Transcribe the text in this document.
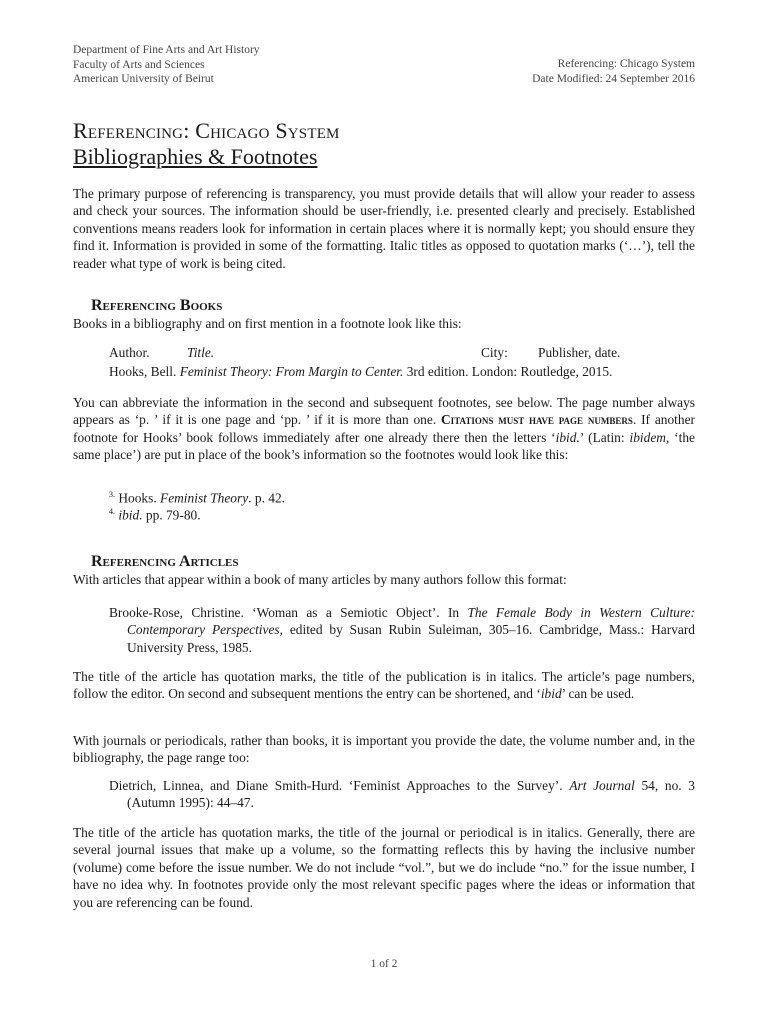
Department of Fine Arts and Art History
Faculty of Arts and Sciences
American University of Beirut
Referencing: Chicago System
Date Modified: 24 September 2016
Referencing: Chicago System
Bibliographies & Footnotes
The primary purpose of referencing is transparency, you must provide details that will allow your reader to assess and check your sources. The information should be user-friendly, i.e. presented clearly and precisely. Established conventions means readers look for information in certain places where it is normally kept; you should ensure they find it. Information is provided in some of the formatting. Italic titles as opposed to quotation marks (‘…’), tell the reader what type of work is being cited.
Referencing Books
Books in a bibliography and on first mention in a footnote look like this:
Author.	Title.	City: Publisher, date.
Hooks, Bell. Feminist Theory: From Margin to Center. 3rd edition. London: Routledge, 2015.
You can abbreviate the information in the second and subsequent footnotes, see below. The page number always appears as ‘p. ’ if it is one page and ‘pp. ’ if it is more than one. Citations must have page numbers. If another footnote for Hooks’ book follows immediately after one already there then the letters ‘ibid.’ (Latin: ibidem, ‘the same place’) are put in place of the book’s information so the footnotes would look like this:
$^{3.}$ Hooks. Feminist Theory. p. 42.
$^{4.}$ ibid. pp. 79-80.
Referencing Articles
With articles that appear within a book of many articles by many authors follow this format:
Brooke-Rose, Christine. ‘Woman as a Semiotic Object’. In The Female Body in Western Culture: Contemporary Perspectives, edited by Susan Rubin Suleiman, 305–16. Cambridge, Mass.: Harvard University Press, 1985.
The title of the article has quotation marks, the title of the publication is in italics. The article’s page numbers, follow the editor. On second and subsequent mentions the entry can be shortened, and ‘ibid’ can be used.
With journals or periodicals, rather than books, it is important you provide the date, the volume number and, in the bibliography, the page range too:
Dietrich, Linnea, and Diane Smith-Hurd. ‘Feminist Approaches to the Survey’. Art Journal 54, no. 3 (Autumn 1995): 44–47.
The title of the article has quotation marks, the title of the journal or periodical is in italics. Generally, there are several journal issues that make up a volume, so the formatting reflects this by having the inclusive number (volume) come before the issue number. We do not include “vol.”, but we do include “no.” for the issue number, I have no idea why. In footnotes provide only the most relevant specific pages where the ideas or information that you are referencing can be found.
1 of 2
